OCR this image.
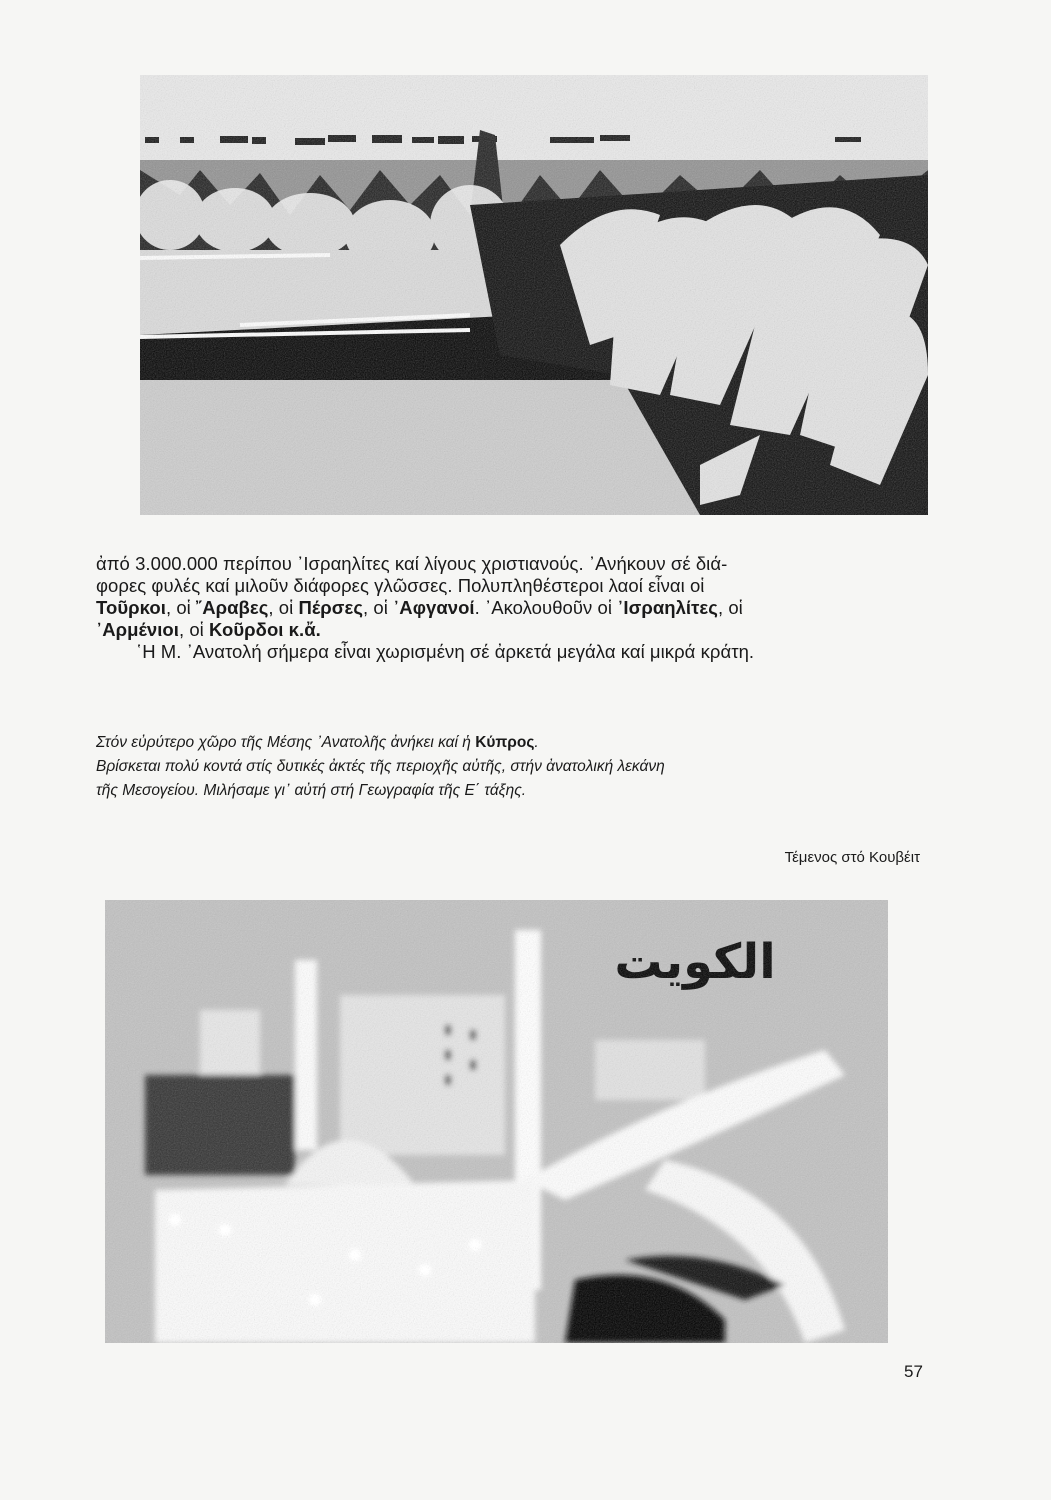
ἀπό 3.000.000 περίπου ᾿Ισραηλίτες καί λίγους χριστιανούς. ᾿Ανήκουν σέ διά-
φορες φυλές καί μιλοῦν διάφορες γλῶσσες. Πολυπληθέστεροι λαοί εἶναι οἱ
Τοῦρκοι, οἱ ῎Αραβες, οἱ Πέρσες, οἱ ᾿Αφγανοί. ᾿Ακολουθοῦν οἱ ᾿Ισραηλίτες, οἱ
᾿Αρμένιοι, οἱ Κοῦρδοι κ.ἄ.
῾Η Μ. ᾿Ανατολή σήμερα εἶναι χωρισμένη σέ ἀρκετά μεγάλα καί μικρά κράτη.
Στόν εὐρύτερο χῶρο τῆς Μέσης ᾿Ανατολῆς ἀνήκει καί ἡ Κύπρος.
Βρίσκεται πολύ κοντά στίς δυτικές ἀκτές τῆς περιοχῆς αὐτῆς, στήν ἀνατολική λεκάνη
τῆς Μεσογείου. Μιλήσαμε γι᾿ αὐτή στή Γεωγραφία τῆς Ε΄ τάξης.
Τέμενος στό Κουβέιτ
57
